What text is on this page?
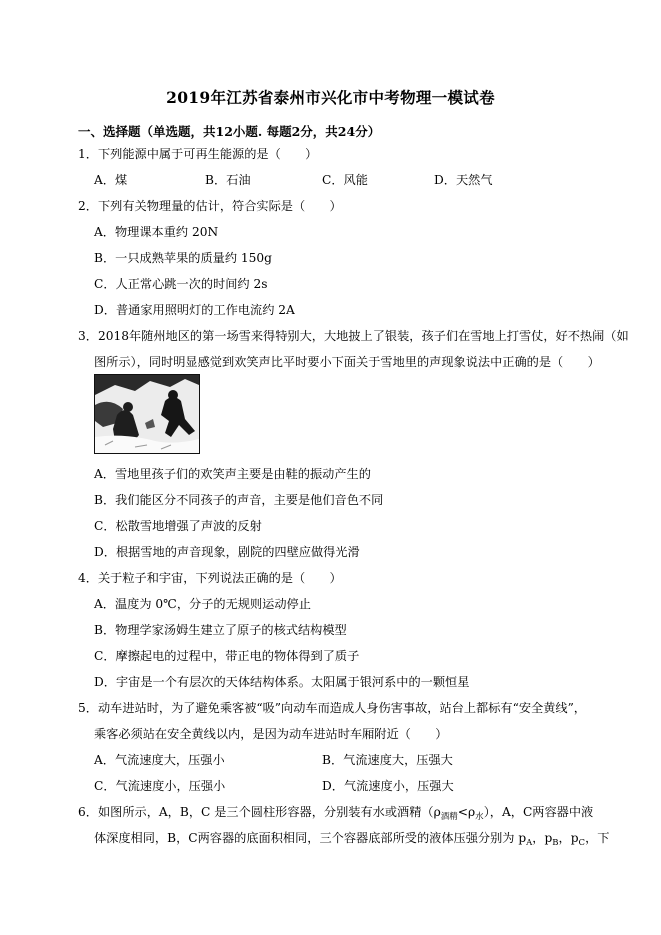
2019年江苏省泰州市兴化市中考物理一模试卷
一、选择题（单选题，共12小题. 每题2分，共24分）
1．下列能源中属于可再生能源的是（　　）
A．煤	B．石油	C．风能	D．天然气
2．下列有关物理量的估计，符合实际是（　　）
A．物理课本重约 20N
B．一只成熟苹果的质量约 150g
C．人正常心跳一次的时间约 2s
D．普通家用照明灯的工作电流约 2A
3．2018年随州地区的第一场雪来得特别大，大地披上了银装，孩子们在雪地上打雪仗，好不热闹（如
图所示），同时明显感觉到欢笑声比平时要小下面关于雪地里的声现象说法中正确的是（　　）
A．雪地里孩子们的欢笑声主要是由鞋的振动产生的
B．我们能区分不同孩子的声音，主要是他们音色不同
C．松散雪地增强了声波的反射
D．根据雪地的声音现象，剧院的四壁应做得光滑
4．关于粒子和宇宙，下列说法正确的是（　　）
A．温度为 0℃，分子的无规则运动停止
B．物理学家汤姆生建立了原子的核式结构模型
C．摩擦起电的过程中，带正电的物体得到了质子
D．宇宙是一个有层次的天体结构体系。太阳属于银河系中的一颗恒星
5．动车进站时，为了避免乘客被“吸”向动车而造成人身伤害事故，站台上都标有“安全黄线”，
乘客必须站在安全黄线以内，是因为动车进站时车厢附近（　　）
A．气流速度大，压强小	B．气流速度大，压强大
C．气流速度小，压强小	D．气流速度小，压强大
6．如图所示，A，B，C 是三个圆柱形容器，分别装有水或酒精$(\rho_{酒精}<\rho_水)$，A，C两容器中液
体深度相同，B，C两容器的底面积相同，三个容器底部所受的液体压强分别为 $p_A$，$p_B$，$p_C$，下
